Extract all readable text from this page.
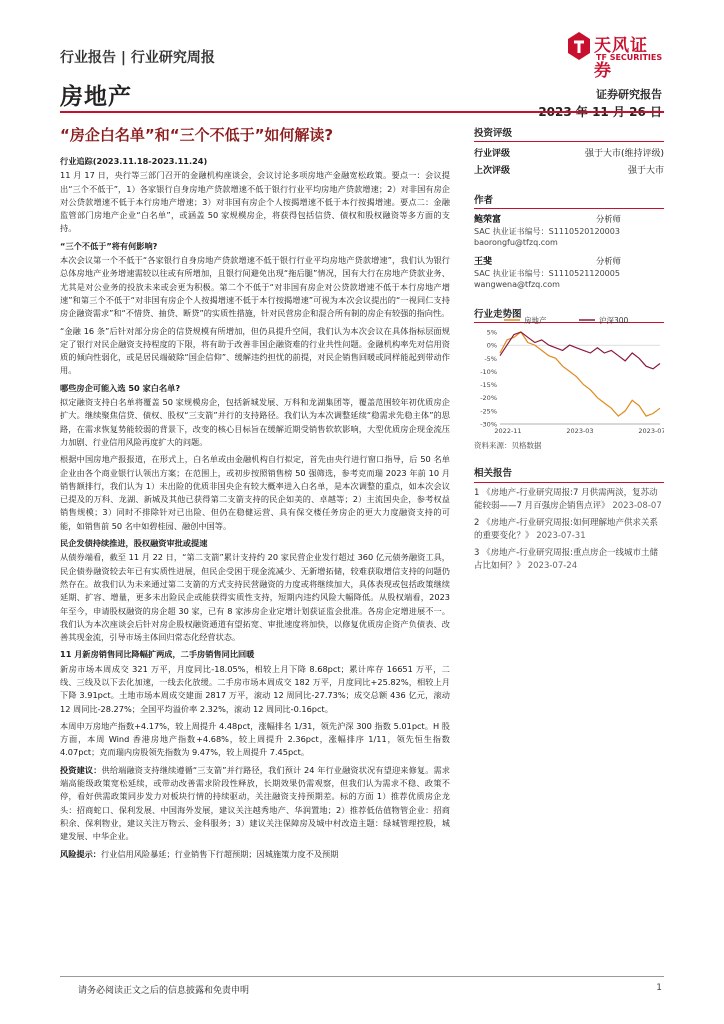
行业报告 | 行业研究周报
房地产
天风证券
TF SECURITIES
证券研究报告
2023 年 11 月 26 日
“房企白名单”和“三个不低于”如何解读?
行业追踪(2023.11.18-2023.11.24)
11 月 17 日，央行等三部门召开的金融机构座谈会，会议讨论多项房地产金融宽松政策。要点一：会议提出“三个不低于”，1）各家银行自身房地产贷款增速不低于银行行业平均房地产贷款增速；2）对非国有房企对公贷款增速不低于本行房地产增速；3）对非国有房企个人按揭增速不低于本行按揭增速。要点二：金融监管部门房地产企业“白名单”，或涵盖 50 家规模房企，将获得包括信贷、债权和股权融资等多方面的支持。
“三个不低于”将有何影响?
本次会议第一个不低于“各家银行自身房地产贷款增速不低于银行行业平均房地产贷款增速”，我们认为银行总体房地产业务增速需较以往或有所增加，且银行间避免出现“拖后腿”情况，国有大行在房地产贷款业务、尤其是对公业务的投放未来或会更为积极。第二个不低于“对非国有房企对公贷款增速不低于本行房地产增速”和第三个不低于“对非国有房企个人按揭增速不低于本行按揭增速”可视为本次会议提出的“一视同仁支持房企融资需求”和“不惜贷、抽贷、断贷”的实质性措施，针对民营房企和混合所有制的房企有较强的指向性。
“金融 16 条”后针对部分房企的信贷规模有所增加，但仍具提升空间，我们认为本次会议在具体指标层面规定了银行对民企融资支持程度的下限，将有助于改善非国企融资难的行业共性问题。金融机构率先对信用资质的倾向性弱化，或是居民端破除“国企信仰”、缓解违约担忧的前提，对民企销售回暖或同样能起到带动作用。
哪些房企可能入选 50 家白名单?
拟定融资支持白名单将覆盖 50 家规模房企，包括新城发展、万科和龙湖集团等，覆盖范围较年初优质房企扩大。继续聚焦信贷、债权、股权“三支箭”并行的支持路径。我们认为本次调整延续“稳需求先稳主体”的思路，在需求恢复势能较弱的背景下，改变的核心目标旨在缓解近期受销售软软影响，大型优质房企现金流压力加剧、行业信用风险再度扩大的问题。
根据中国房地产报报道，在形式上，白名单或由金融机构自行拟定，首先由央行进行窗口指导，后 50 名单企业由各个商业银行认领出方案；在范围上，或初步按照销售榜 50 强筛选，参考克而瑞 2023 年前 10 月销售额排行，我们认为 1）未出险的优质非国央企有较大概率进入白名单，是本次调整的重点，如本次会议已提及的万科、龙湖、新城及其他已获得第二支箭支持的民企如美的、卓越等；2）主流国央企，参考权益销售规模；3）同时不排除针对已出险、但仍在稳健运营、具有保交楼任务房企的更大力度融资支持的可能，如销售前 50 名中如碧桂园、融创中国等。
民企发债持续推进，股权融资审批或提速
从债券端看，截至 11 月 22 日，“第二支箭”累计支持约 20 家民营企业发行超过 360 亿元债务融资工具，民企债券融资较去年已有实质性进展，但民企受困于现金流减少、无新增拓储，较难获取增信支持的问题仍然存在。故我们认为未来通过第二支箭的方式支持民营融资的力度或将继续加大，具体表现或包括政策继续延期、扩容、增量，更多未出险民企或能获得实质性支持，短期内违约风险大幅降低。从股权端看，2023 年至今，申请股权融资的房企超 30 家，已有 8 家涉房企业定增计划获证监会批准。各房企定增进展不一。我们认为本次座谈会后针对房企股权融资通道有望拓宽、审批速度将加快，以修复优质房企资产负债表、改善其现金流，引导市场主体回归常态化经营状态。
11 月新房销售同比降幅扩两成，二手房销售同比回暖
新房市场本周成交 321 万平，月度同比-18.05%，相较上月下降 8.68pct；累计库存 16651 万平，二线、三线及以下去化加速，一线去化放缓。二手房市场本周成交 182 万平，月度同比+25.82%，相较上月下降 3.91pct。土地市场本周成交建面 2817 万平，滚动 12 周同比-27.73%；成交总额 436 亿元，滚动 12 周同比-28.27%；全国平均溢价率 2.32%，滚动 12 周同比-0.16pct。
本周申万房地产指数+4.17%，较上周提升 4.48pct，涨幅排名 1/31，领先沪深 300 指数 5.01pct。H 股方面，本周 Wind 香港房地产指数+4.68%，较上周提升 2.36pct，涨幅排序 1/11，领先恒生指数 4.07pct；克而瑞内房股领先指数为 9.47%，较上周提升 7.45pct。
投资建议：供给端融资支持继续遵循“三支箭”并行路径，我们预计 24 年行业融资状况有望迎来修复。需求端高能级政策宽松延续，或带动改善需求阶段性释放，长期效果仍需观察，但我们认为需求不稳、政策不停，看好供需政策同步发力对板块行情的持续驱动，关注融资支持预期差。标的方面 1）推荐优质房企龙头：招商蛇口、保利发展、中国海外发展，建议关注越秀地产、华润置地；2）推荐低估值物管企业：招商积余、保利物业，建议关注万物云、金科服务；3）建议关注保障房及城中村改造主题：绿城管理控股，城建发展、中华企业。
风险提示：行业信用风险暴延；行业销售下行超预期；因城施策力度不及预期
投资评级
行业评级	强于大市(维持评级)
上次评级	强于大市
作者
鲍荣富	分析师
SAC 执业证书编号：S1110520120003
baorongfu@tfzq.com
王斐	分析师
SAC 执业证书编号：S1110521120005
wangwena@tfzq.com
行业走势图
房地产	沪深300
5%
0%
-5%
-10%
-15%
-20%
-25%
-30%
2022-11	2023-03	2023-07
资料来源：贝格数据
相关报告
1 《房地产-行业研究周报:7 月供需两淡，复苏动能较弱——7 月百强房企销售点评》 2023-08-07
2 《房地产-行业研究周报:如何理解地产供求关系的重要变化？》 2023-07-31
3 《房地产-行业研究周报:重点房企一线城市土储占比如何？》 2023-07-24
请务必阅读正文之后的信息披露和免责申明	1
